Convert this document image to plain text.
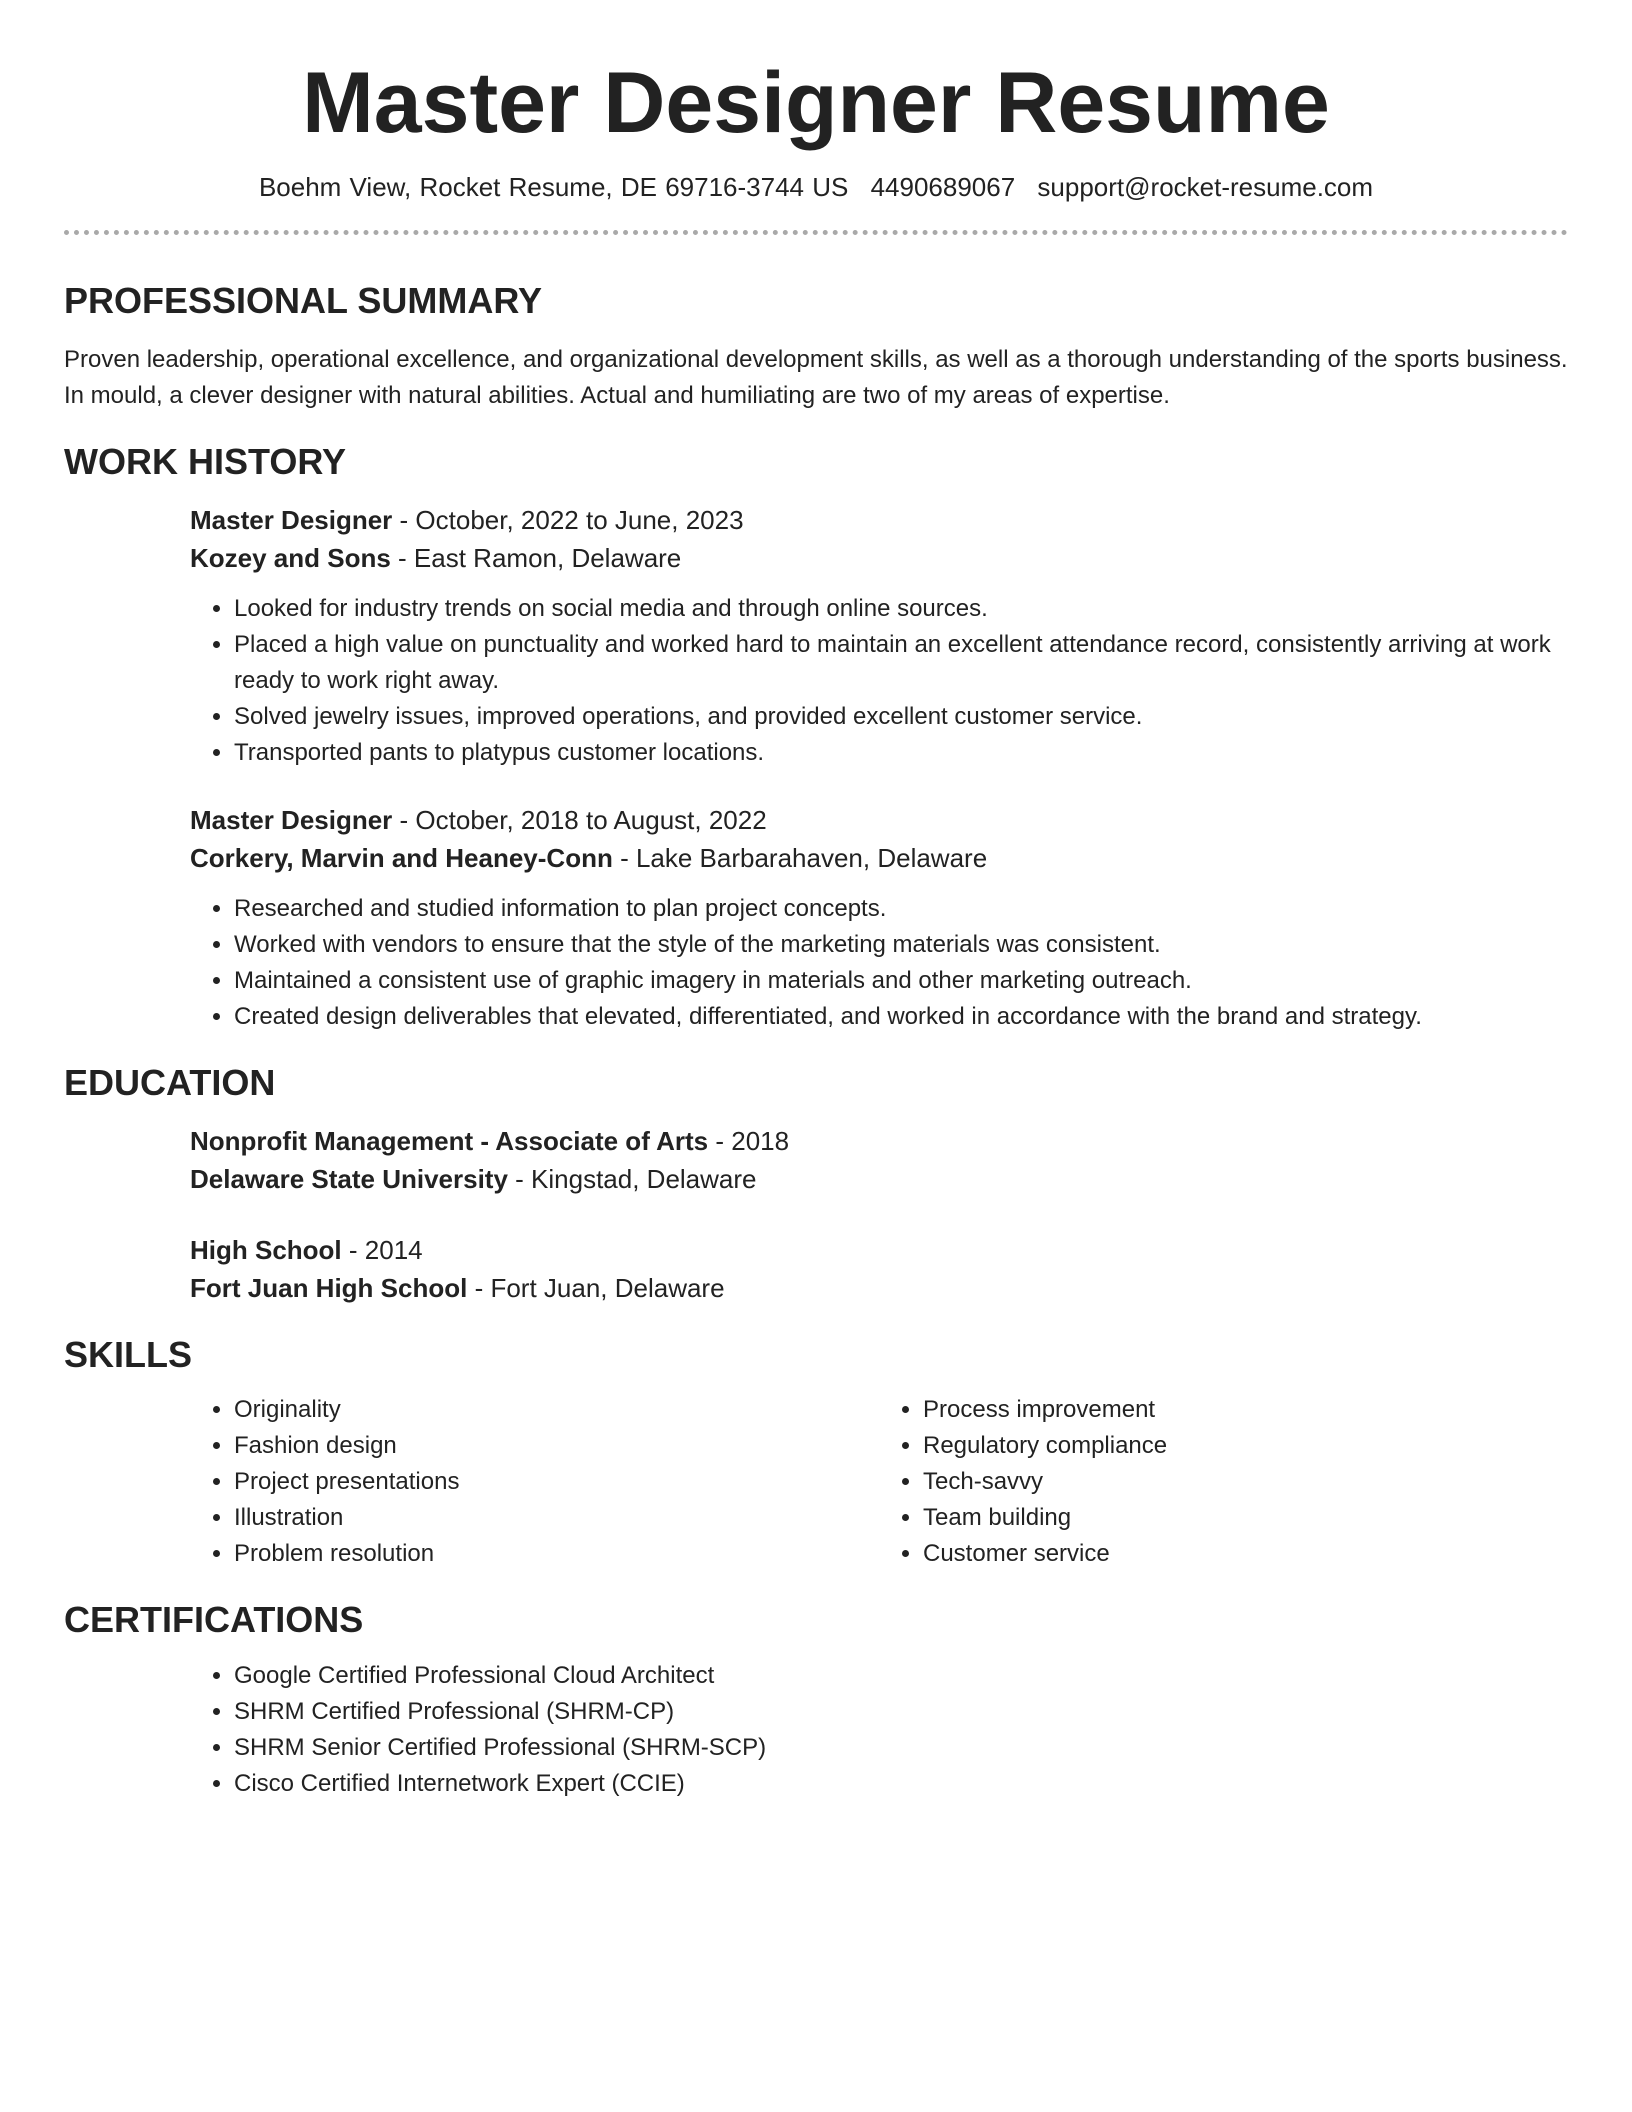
Master Designer Resume
Boehm View, Rocket Resume, DE 69716-3744 US 4490689067 support@rocket-resume.com
PROFESSIONAL SUMMARY

Proven leadership, operational excellence, and organizational development skills, as well as a thorough understanding of the sports business. In mould, a clever designer with natural abilities. Actual and humiliating are two of my areas of expertise.

WORK HISTORY

Master Designer - October, 2022 to June, 2023

Kozey and Sons - East Ramon, Delaware

• Looked for industry trends on social media and through online sources.
• Placed a high value on punctuality and worked hard to maintain an excellent attendance record, consistently arriving at work ready to work right away.
• Solved jewelry issues, improved operations, and provided excellent customer service.
• Transported pants to platypus customer locations.

Master Designer - October, 2018 to August, 2022

Corkery, Marvin and Heaney-Conn - Lake Barbarahaven, Delaware

• Researched and studied information to plan project concepts.
• Worked with vendors to ensure that the style of the marketing materials was consistent.
• Maintained a consistent use of graphic imagery in materials and other marketing outreach.
• Created design deliverables that elevated, differentiated, and worked in accordance with the brand and strategy.
EDUCATION

Nonprofit Management - Associate of Arts - 2018

Delaware State University - Kingstad, Delaware

High School - 2014

Fort Juan High School - Fort Juan, Delaware

SKILLS
• Originality
• Fashion design
• Project presentations
• Illustration
• Problem resolution
• Process improvement
• Regulatory compliance
• Tech-savvy
• Team building
• Customer service
CERTIFICATIONS
• Google Certified Professional Cloud Architect
• SHRM Certified Professional (SHRM-CP)
• SHRM Senior Certified Professional (SHRM-SCP)
• Cisco Certified Internetwork Expert (CCIE)
